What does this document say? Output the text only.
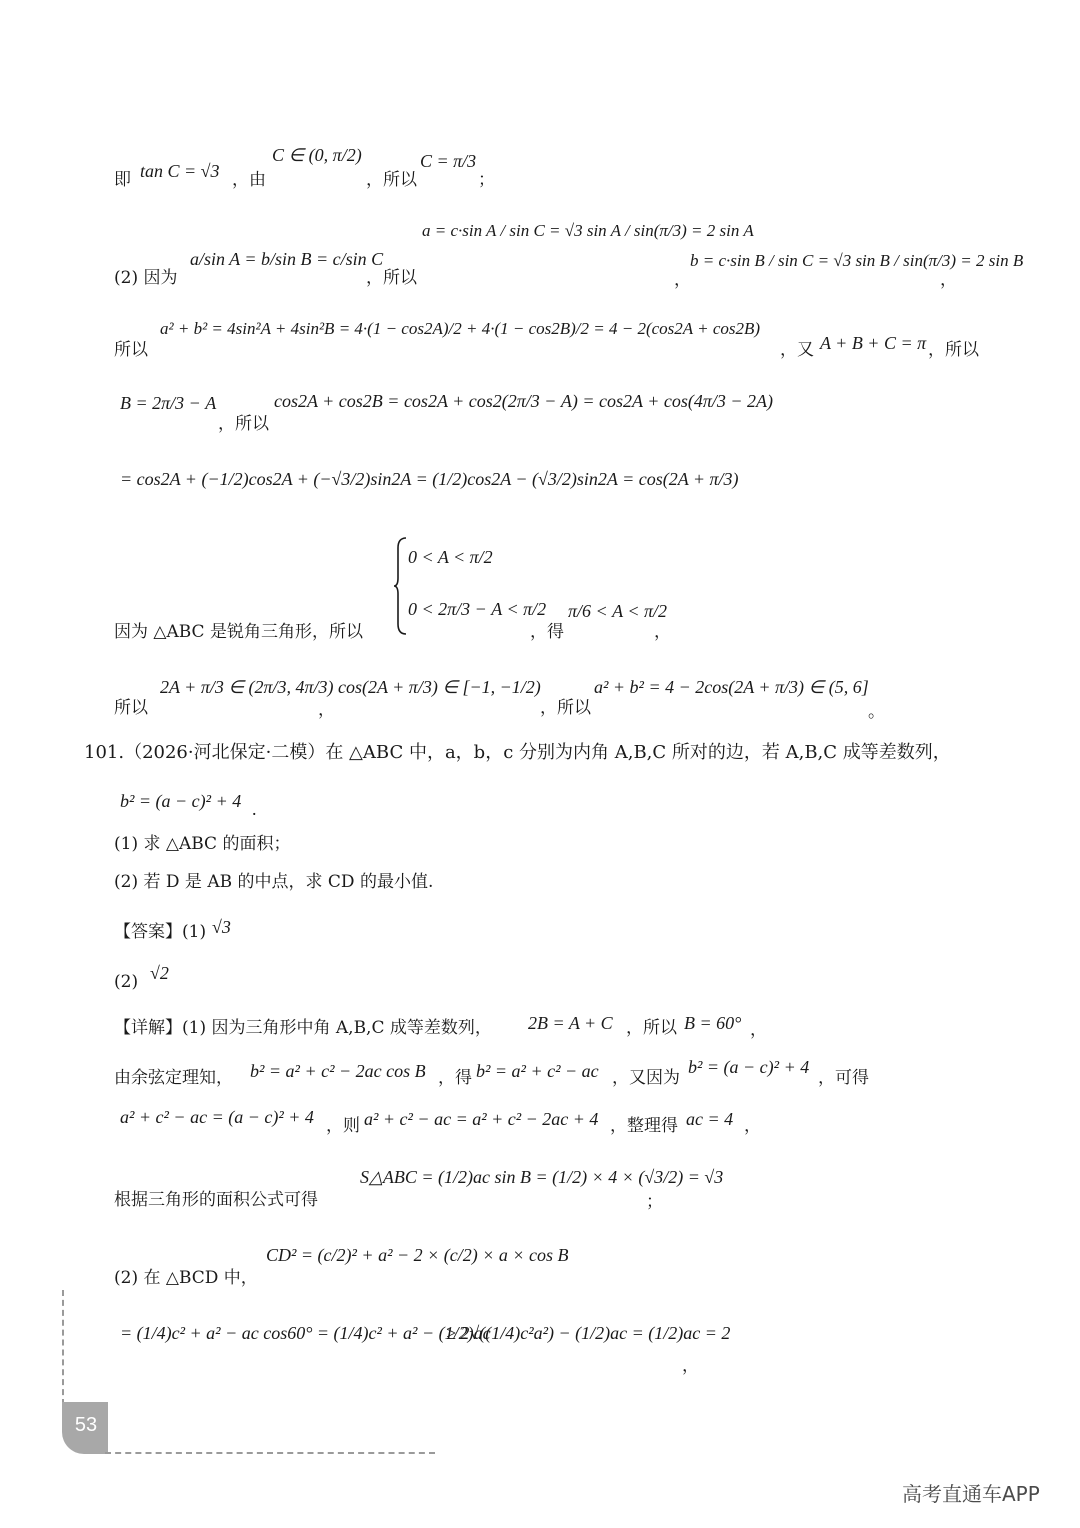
即 tan C = √3 ，由
C ∈ (0, π/2)
，所以
C = π/3
；
(2) 因为
a/sin A = b/sin B = c/sin C
，所以
a = c·sin A / sin C = √3 sin A / sin(π/3) = 2 sin A
，
b = c·sin B / sin C = √3 sin B / sin(π/3) = 2 sin B
，
所以
a² + b² = 4sin²A + 4sin²B = 4·(1 − cos2A)/2 + 4·(1 − cos2B)/2 = 4 − 2(cos2A + cos2B)
，又 A + B + C = π ，所以
B = 2π/3 − A
，所以
cos2A + cos2B = cos2A + cos2(2π/3 − A) = cos2A + cos(4π/3 − 2A)
= cos2A + (−1/2)cos2A + (−√3/2)sin2A = (1/2)cos2A − (√3/2)sin2A = cos(2A + π/3)
因为 △ABC 是锐角三角形，所以
0 < A < π/2
0 < 2π/3 − A < π/2
，得
π/6 < A < π/2
，
所以
2A + π/3 ∈ (2π/3, 4π/3)
，
cos(2A + π/3) ∈ [−1, −1/2)
，所以
a² + b² = 4 − 2cos(2A + π/3) ∈ (5, 6]
。
101.（2026·河北保定·二模）在 △ABC 中，a，b，c 分别为内角 A,B,C 所对的边，若 A,B,C 成等差数列，
b² = (a − c)² + 4 .
(1) 求 △ABC 的面积；
(2) 若 D 是 AB 的中点，求 CD 的最小值.
【答案】(1) √3
(2) √2
【详解】(1) 因为三角形中角 A,B,C 成等差数列， 2B = A + C ，所以 B = 60° ，
由余弦定理知， b² = a² + c² − 2ac cos B ，得 b² = a² + c² − ac ，又因为
b² = (a − c)² + 4
，可得
a² + c² − ac = (a − c)² + 4 ，则 a² + c² − ac = a² + c² − 2ac + 4 ，整理得 ac = 4 ，
根据三角形的面积公式可得
S△ABC = (1/2)ac sin B = (1/2) × 4 × (√3/2) = √3
；
(2) 在 △BCD 中，
CD² = (c/2)² + a² − 2 × (c/2) × a × cos B
= (1/4)c² + a² − ac cos60° = (1/4)c² + a² − (1/2)ac
≥ 2√((1/4)c²a²) − (1/2)ac = (1/2)ac = 2
，
53
高考直通车APP
